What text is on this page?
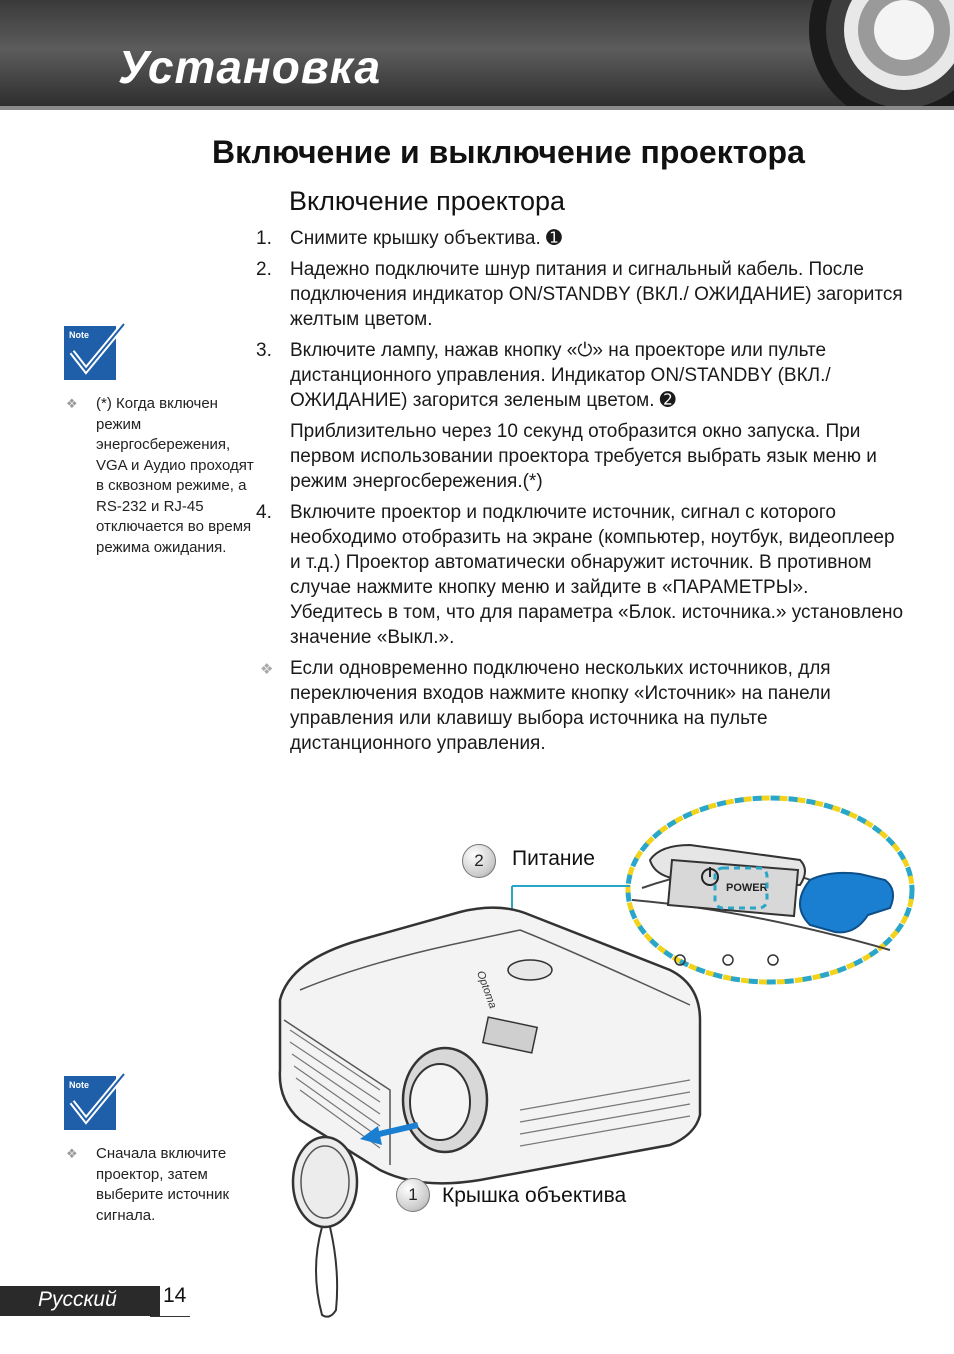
Установка
Включение и выключение проектора
Включение проектора
1. Снимите крышку объектива. ➊

2. Надежно подключите шнур питания и сигнальный кабель. После подключения индикатор ON/STANDBY (ВКЛ./ ОЖИДАНИЕ) загорится желтым цветом.

3. Включите лампу, нажав кнопку «⏻» на проекторе или пульте дистанционного управления. Индикатор ON/STANDBY (ВКЛ./ ОЖИДАНИЕ) загорится зеленым цветом. ➋

Приблизительно через 10 секунд отобразится окно запуска. При первом использовании проектора требуется выбрать язык меню и режим энергосбережения.(*)

4. Включите проектор и подключите источник, сигнал с которого необходимо отобразить на экране (компьютер, ноутбук, видеоплеер и т.д.) Проектор автоматически обнаружит источник. В противном случае нажмите кнопку меню и зайдите в «ПАРАМЕТРЫ».

Убедитесь в том, что для параметра «Блок. источника.» установлено значение «Выкл.».

❖ Если одновременно подключено нескольких источников, для переключения входов нажмите кнопку «Источник» на панели управления или клавишу выбора источника на пульте дистанционного управления.

Note
❖ (*) Когда включен режим энергосбережения, VGA и Аудио проходят в сквозном режиме, а RS-232 и RJ-45 отключается во время режима ожидания.
Note
❖ Сначала включите проектор, затем выберите источник сигнала.
POWER
Optoma
2	Питание
1	Крышка объектива
Русский 14
